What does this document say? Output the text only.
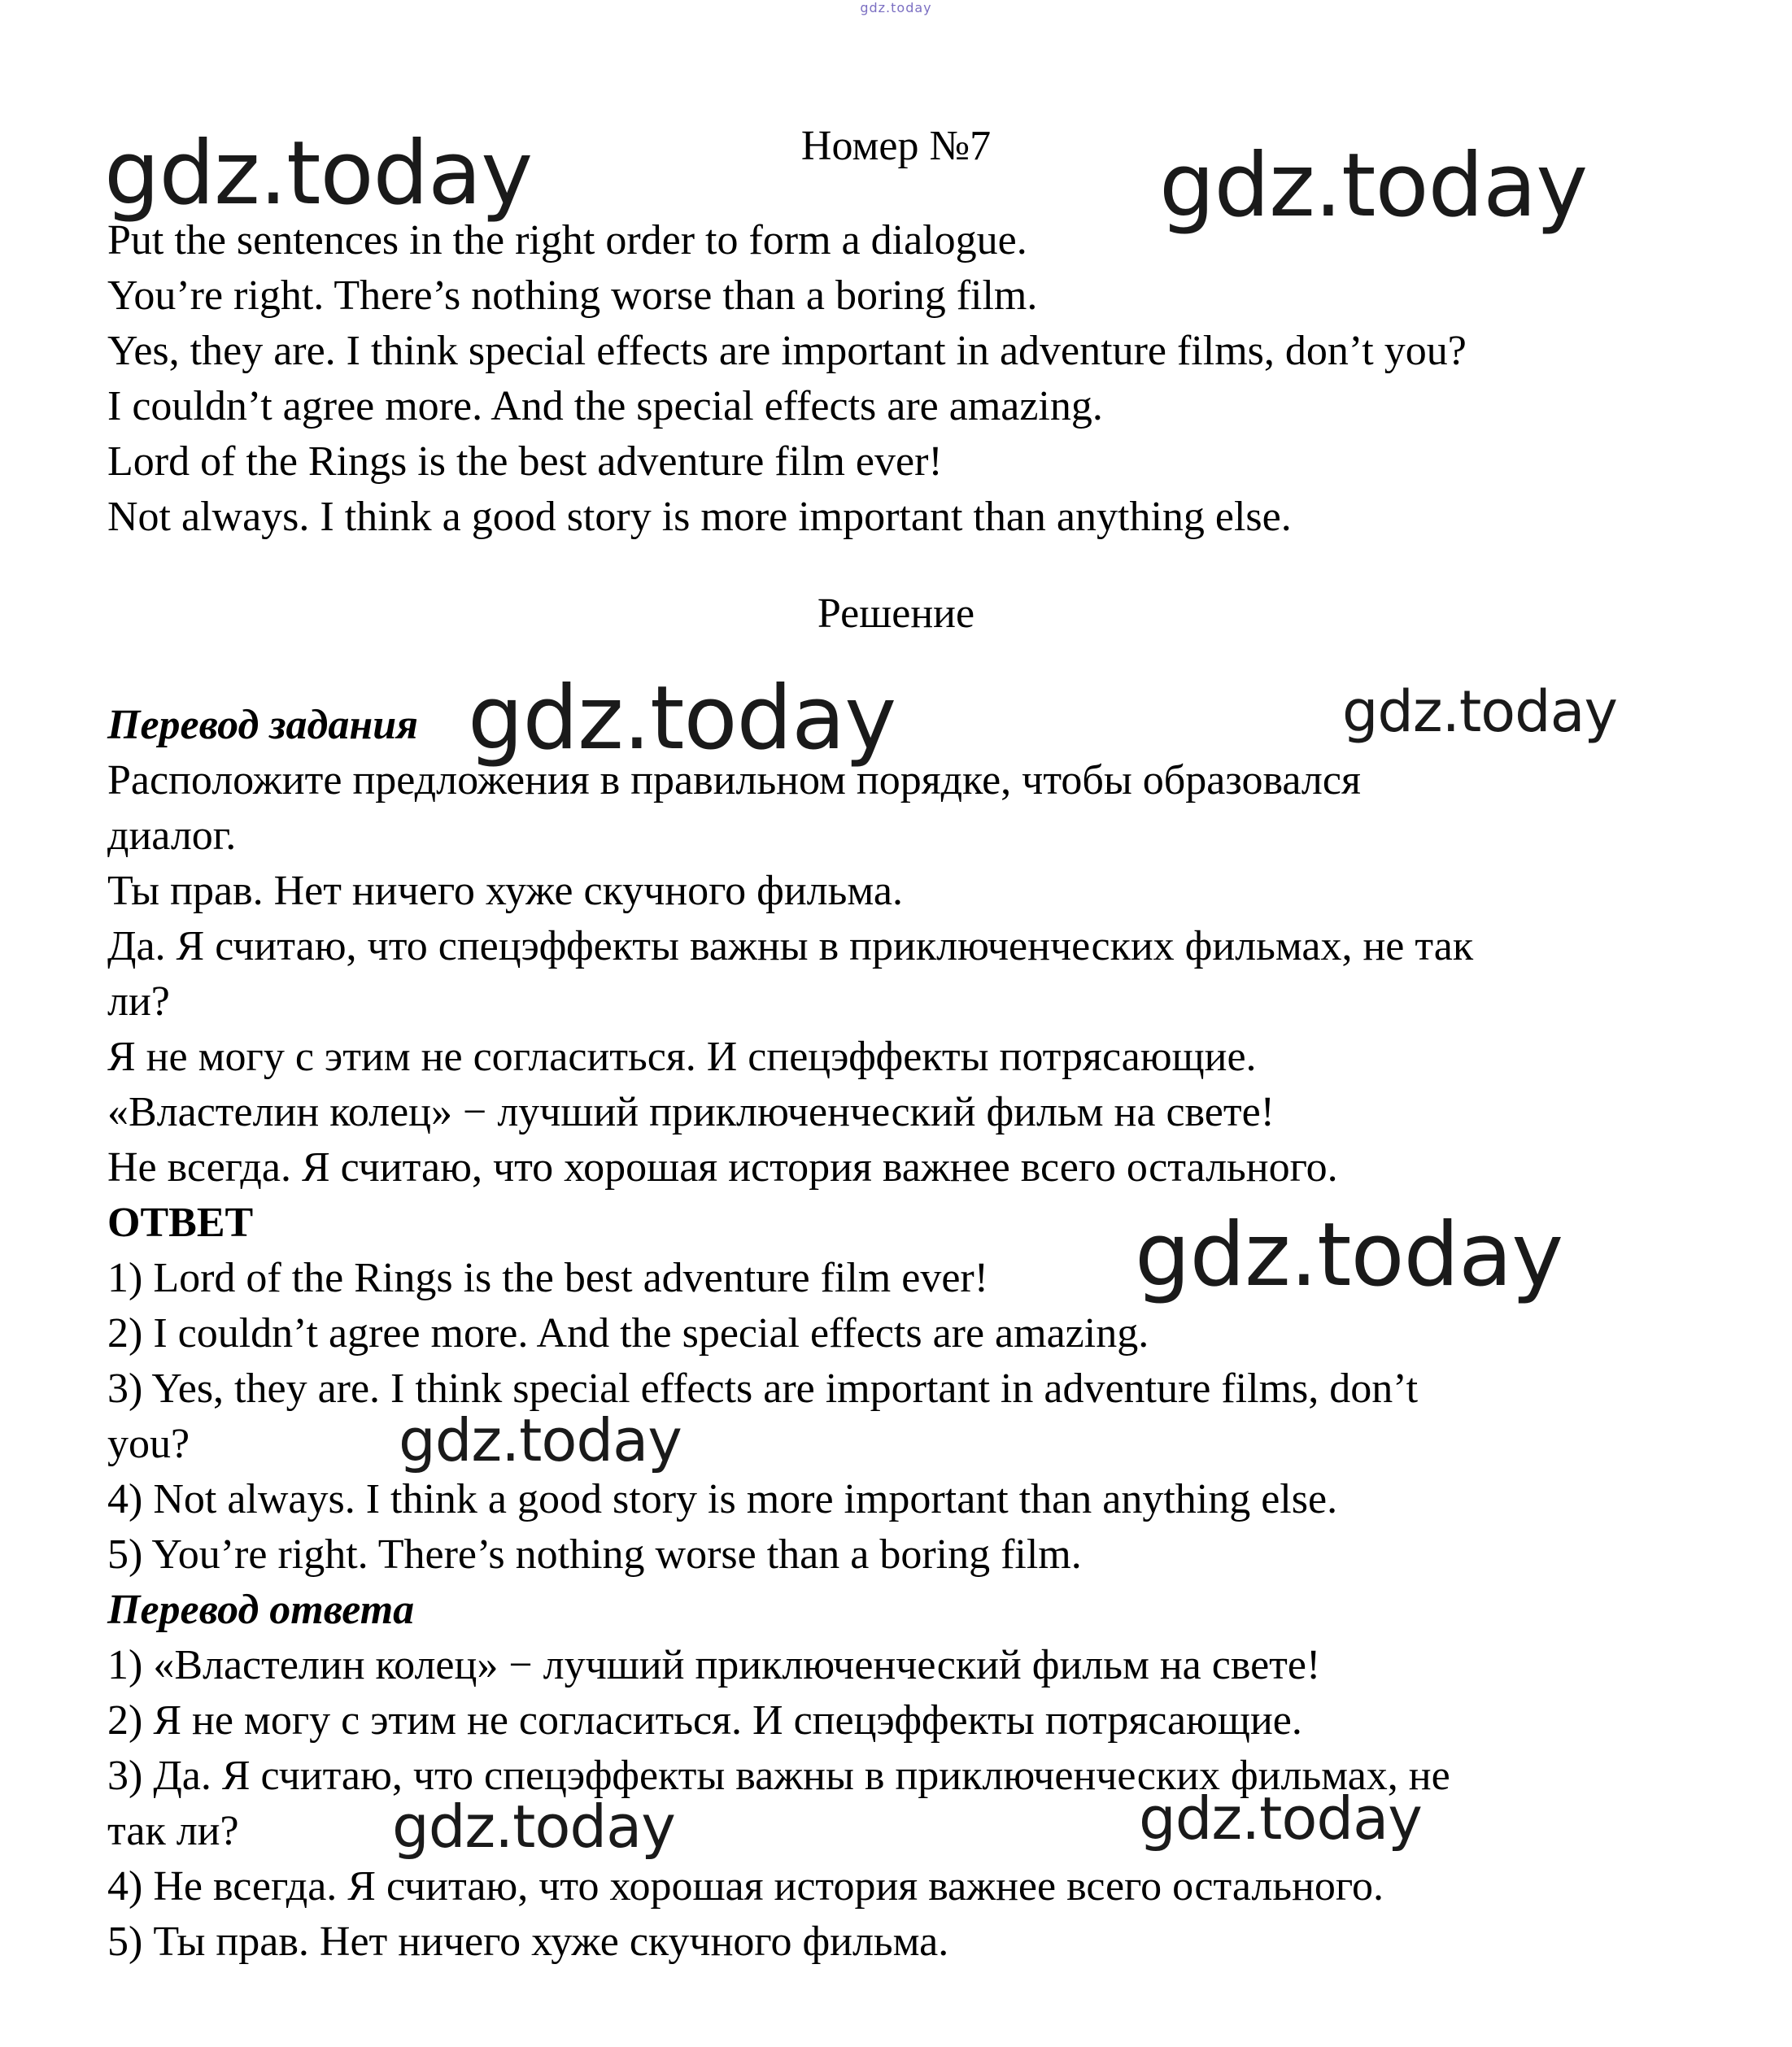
gdz.today
Номер №7
Решение
Put the sentences in the right order to form a dialogue.
You’re right. There’s nothing worse than a boring film.
Yes, they are. I think special effects are important in adventure films, don’t you?
I couldn’t agree more. And the special effects are amazing.
Lord of the Rings is the best adventure film ever!
Not always. I think a good story is more important than anything else.
Перевод задания
Расположите предложения в правильном порядке, чтобы образовался
диалог.
Ты прав. Нет ничего хуже скучного фильма.
Да. Я считаю, что спецэффекты важны в приключенческих фильмах, не так
ли?
Я не могу с этим не согласиться. И спецэффекты потрясающие.
«Властелин колец» − лучший приключенческий фильм на свете!
Не всегда. Я считаю, что хорошая история важнее всего остального.
ОТВЕТ
1) Lord of the Rings is the best adventure film ever!
2) I couldn’t agree more. And the special effects are amazing.
3) Yes, they are. I think special effects are important in adventure films, don’t
you?
4) Not always. I think a good story is more important than anything else.
5) You’re right. There’s nothing worse than a boring film.
Перевод ответа
1) «Властелин колец» − лучший приключенческий фильм на свете!
2) Я не могу с этим не согласиться. И спецэффекты потрясающие.
3) Да. Я считаю, что спецэффекты важны в приключенческих фильмах, не
так ли?
4) Не всегда. Я считаю, что хорошая история важнее всего остального.
5) Ты прав. Нет ничего хуже скучного фильма.
gdz.today	gdz.today
gdz.today	gdz.today
gdz.today
gdz.today
gdz.today	gdz.today
